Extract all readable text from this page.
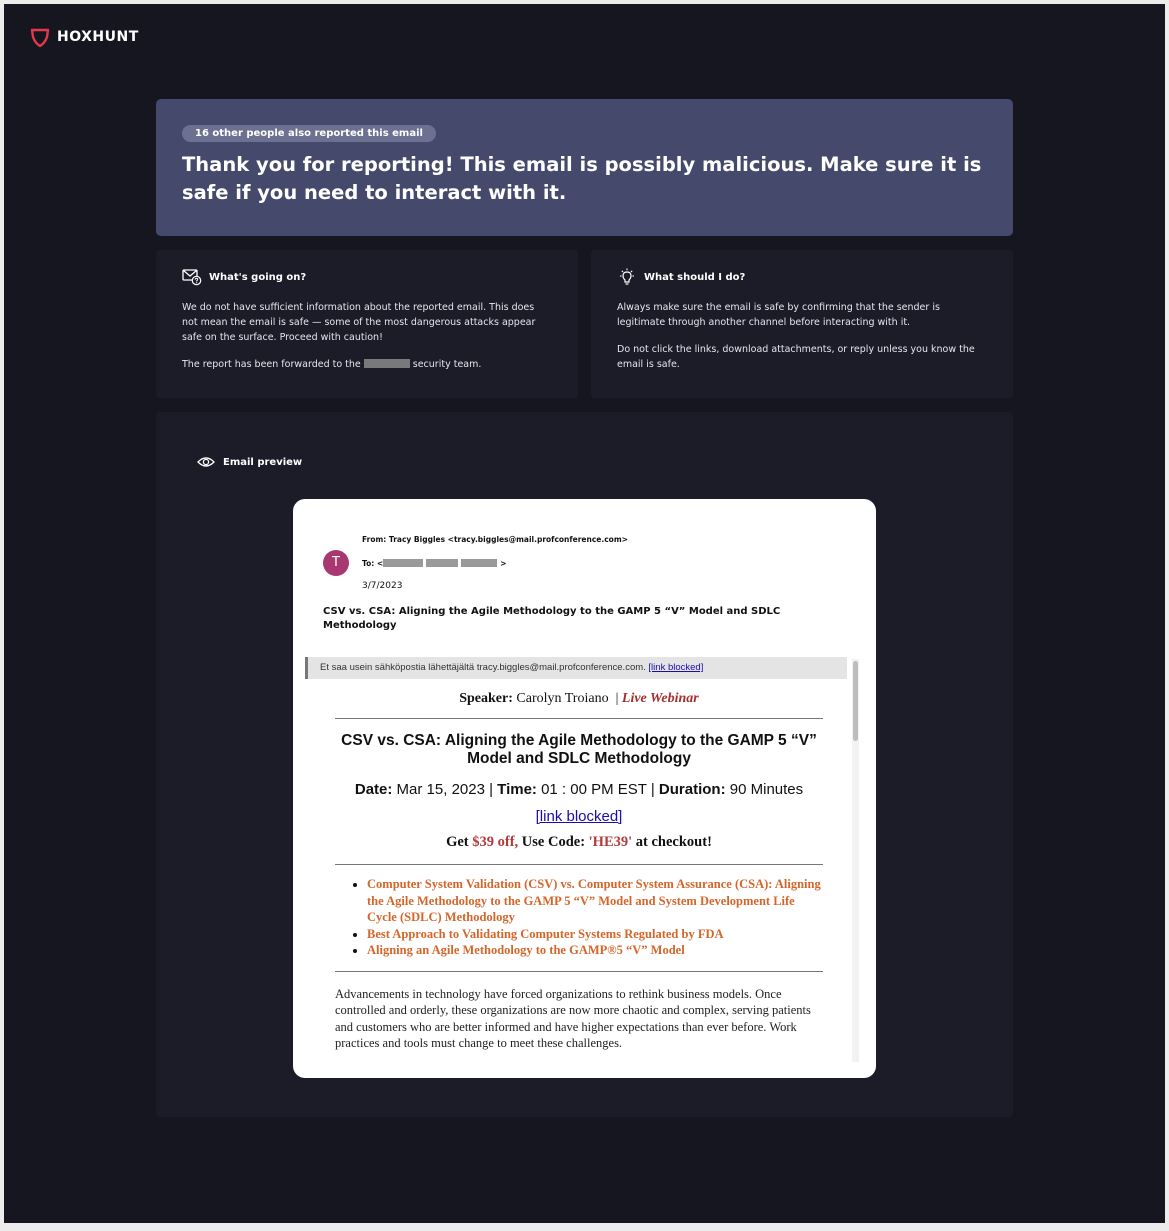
HOXHUNT
16 other people also reported this email
Thank you for reporting! This email is possibly malicious. Make sure it is safe if you need to interact with it.
What's going on?

We do not have sufficient information about the reported email. This does not mean the email is safe — some of the most dangerous attacks appear safe on the surface. Proceed with caution!

The report has been forwarded to the	security team.

What should I do?

Always make sure the email is safe by confirming that the sender is legitimate through another channel before interacting with it.

Do not click the links, download attachments, or reply unless you know the email is safe.

Email preview
T
From: Tracy Biggles <tracy.biggles@mail.profconference.com>
To: <	>
3/7/2023
CSV vs. CSA: Aligning the Agile Methodology to the GAMP 5 “V” Model and SDLC Methodology
Et saa usein sähköpostia lähettäjältä tracy.biggles@mail.profconference.com. [link blocked]
Speaker: Carolyn Troiano | Live Webinar
CSV vs. CSA: Aligning the Agile Methodology to the GAMP 5 “V” Model and SDLC Methodology
Date: Mar 15, 2023 | Time: 01 : 00 PM EST | Duration: 90 Minutes
[link blocked]
Get $39 off, Use Code: 'HE39' at checkout!
• Computer System Validation (CSV) vs. Computer System Assurance (CSA): Aligning the Agile Methodology to the GAMP 5 “V” Model and System Development Life Cycle (SDLC) Methodology
• Best Approach to Validating Computer Systems Regulated by FDA
• Aligning an Agile Methodology to the GAMP®5 “V” Model
Advancements in technology have forced organizations to rethink business models. Once controlled and orderly, these organizations are now more chaotic and complex, serving patients and customers who are better informed and have higher expectations than ever before. Work practices and tools must change to meet these challenges.
